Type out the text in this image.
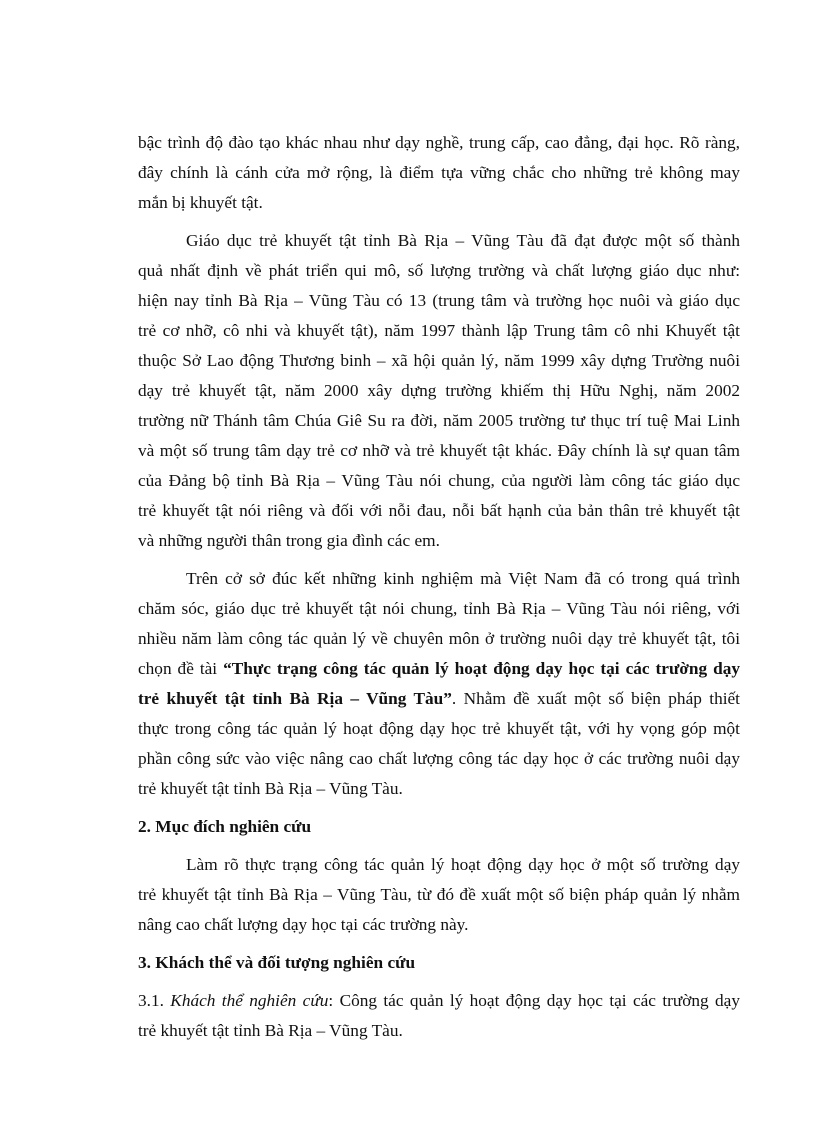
bậc trình độ đào tạo khác nhau như dạy nghề, trung cấp, cao đẳng, đại học. Rõ ràng,
đây chính là cánh cửa mở rộng, là điểm tựa vững chắc cho những trẻ không may
mắn bị khuyết tật.

Giáo dục trẻ khuyết tật tỉnh Bà Rịa – Vũng Tàu đã đạt được một số thành
quả nhất định về phát triển qui mô, số lượng trường và chất lượng giáo dục như:
hiện nay tỉnh Bà Rịa – Vũng Tàu có 13 (trung tâm và trường học nuôi và giáo dục
trẻ cơ nhỡ, cô nhi và khuyết tật), năm 1997 thành lập Trung tâm cô nhi Khuyết tật
thuộc Sở Lao động Thương binh – xã hội quản lý, năm 1999 xây dựng Trường nuôi
dạy trẻ khuyết tật, năm 2000 xây dựng trường khiếm thị Hữu Nghị, năm 2002
trường nữ Thánh tâm Chúa Giê Su ra đời, năm 2005 trường tư thục trí tuệ Mai Linh
và một số trung tâm dạy trẻ cơ nhỡ và trẻ khuyết tật khác. Đây chính là sự quan tâm
của Đảng bộ tỉnh Bà Rịa – Vũng Tàu nói chung, của người làm công tác giáo dục
trẻ khuyết tật nói riêng và đối với nỗi đau, nỗi bất hạnh của bản thân trẻ khuyết tật
và những người thân trong gia đình các em.

Trên cở sở đúc kết những kinh nghiệm mà Việt Nam đã có trong quá trình
chăm sóc, giáo dục trẻ khuyết tật nói chung, tỉnh Bà Rịa – Vũng Tàu nói riêng, với
nhiều năm làm công tác quản lý về chuyên môn ở trường nuôi dạy trẻ khuyết tật, tôi
chọn đề tài “Thực trạng công tác quản lý hoạt động dạy học tại các trường dạy
trẻ khuyết tật tỉnh Bà Rịa – Vũng Tàu”. Nhằm đề xuất một số biện pháp thiết
thực trong công tác quản lý hoạt động dạy học trẻ khuyết tật, với hy vọng góp một
phần công sức vào việc nâng cao chất lượng công tác dạy học ở các trường nuôi dạy
trẻ khuyết tật tỉnh Bà Rịa – Vũng Tàu.

2. Mục đích nghiên cứu

Làm rõ thực trạng công tác quản lý hoạt động dạy học ở một số trường dạy
trẻ khuyết tật tỉnh Bà Rịa – Vũng Tàu, từ đó đề xuất một số biện pháp quản lý nhằm
nâng cao chất lượng dạy học tại các trường này.

3. Khách thể và đối tượng nghiên cứu

3.1. Khách thể nghiên cứu: Công tác quản lý hoạt động dạy học tại các trường dạy
trẻ khuyết tật tỉnh Bà Rịa – Vũng Tàu.
